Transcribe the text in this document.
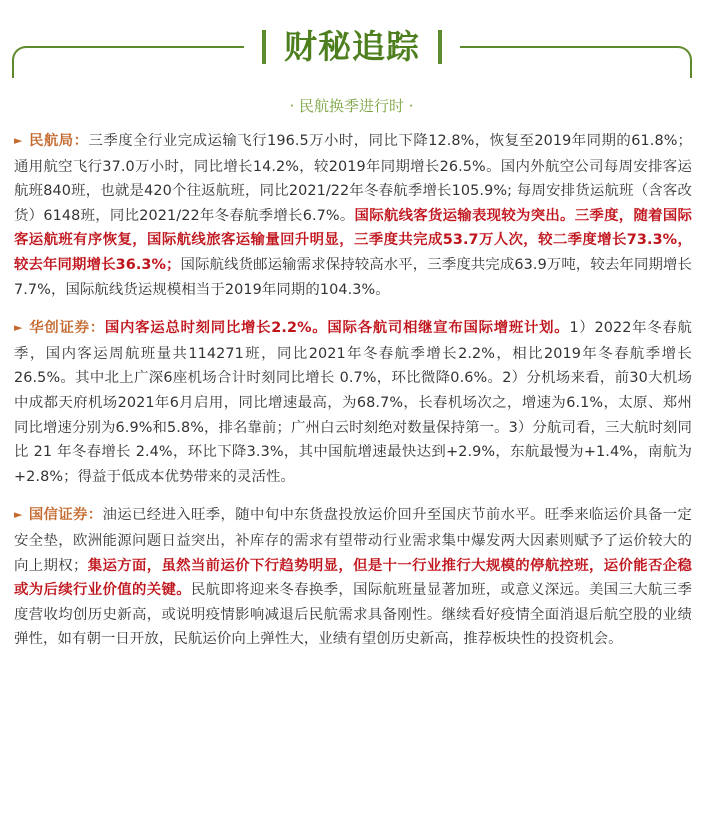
财秘追踪
· 民航换季进行时 ·

► 民航局：三季度全行业完成运输飞行196.5万小时，同比下降12.8%，恢复至2019年同期的61.8%；通用航空飞行37.0万小时，同比增长14.2%，较2019年同期增长26.5%。国内外航空公司每周安排客运航班840班，也就是420个往返航班，同比2021/22年冬春航季增长105.9%; 每周安排货运航班（含客改货）6148班，同比2021/22年冬春航季增长6.7%。国际航线客货运输表现较为突出。三季度，随着国际客运航班有序恢复，国际航线旅客运输量回升明显，三季度共完成53.7万人次，较二季度增长73.3%，较去年同期增长36.3%；国际航线货邮运输需求保持较高水平，三季度共完成63.9万吨，较去年同期增长7.7%，国际航线货运规模相当于2019年同期的104.3%。

► 华创证券：国内客运总时刻同比增长2.2%。国际各航司相继宣布国际增班计划。1）2022年冬春航季，国内客运周航班量共114271班，同比2021年冬春航季增长2.2%，相比2019年冬春航季增长26.5%。其中北上广深6座机场合计时刻同比增长 0.7%，环比微降0.6%。2）分机场来看，前30大机场中成都天府机场2021年6月启用，同比增速最高，为68.7%，长春机场次之，增速为6.1%，太原、郑州同比增速分别为6.9%和5.8%，排名靠前；广州白云时刻绝对数量保持第一。3）分航司看，三大航时刻同比 21 年冬春增长 2.4%，环比下降3.3%，其中国航增速最快达到+2.9%，东航最慢为+1.4%，南航为+2.8%；得益于低成本优势带来的灵活性。

► 国信证券：油运已经进入旺季，随中旬中东货盘投放运价回升至国庆节前水平。旺季来临运价具备一定安全垫，欧洲能源问题日益突出，补库存的需求有望带动行业需求集中爆发两大因素则赋予了运价较大的向上期权；集运方面，虽然当前运价下行趋势明显，但是十一行业推行大规模的停航控班，运价能否企稳或为后续行业价值的关键。民航即将迎来冬春换季，国际航班量显著加班，或意义深远。美国三大航三季度营收均创历史新高，或说明疫情影响减退后民航需求具备刚性。继续看好疫情全面消退后航空股的业绩弹性，如有朝一日开放，民航运价向上弹性大，业绩有望创历史新高，推荐板块性的投资机会。
